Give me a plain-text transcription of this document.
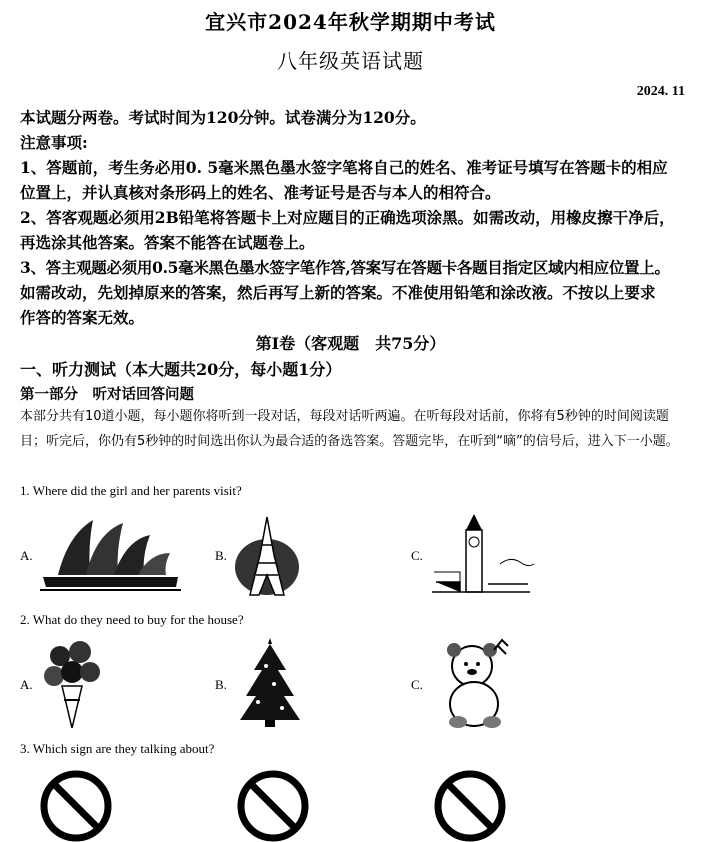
宜兴市2024年秋学期期中考试
八年级英语试题
2024. 11
本试题分两卷。考试时间为120分钟。试卷满分为120分。
注意事项:
1、答题前，考生务必用0. 5毫米黑色墨水签字笔将自己的姓名、准考证号填写在答题卡的相应
位置上，并认真核对条形码上的姓名、准考证号是否与本人的相符合。
2、答客观题必须用2B铅笔将答题卡上对应题目的正确选项涂黑。如需改动，用橡皮擦干净后，
再选涂其他答案。答案不能答在试题卷上。
3、答主观题必须用0.5毫米黑色墨水签字笔作答,答案写在答题卡各题目指定区域内相应位置上。
如需改动，先划掉原来的答案，然后再写上新的答案。不准使用铅笔和涂改液。不按以上要求
作答的答案无效。
第Ⅰ卷（客观题　共75分）
一、听力测试（本大题共20分，每小题1分）
第一部分　听对话回答问题
本部分共有10道小题，每小题你将听到一段对话，每段对话听两遍。在听每段对话前，你将有5秒钟的时间阅读题目；听完后，你仍有5秒钟的时间选出你认为最合适的备选答案。答题完毕，在听到“嘀”的信号后，进入下一小题。
1. Where did the girl and her parents visit?
A.	B.	C.
2. What do they need to buy for the house?
A.	B.	C.
3. Which sign are they talking about?
